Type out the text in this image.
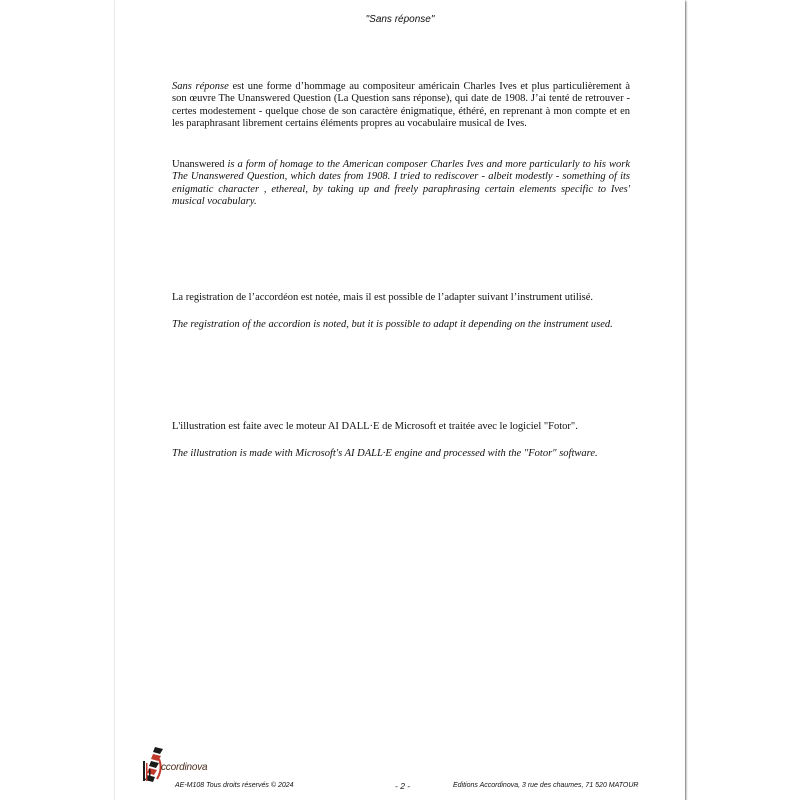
"Sans réponse"

Sans réponse est une forme d’hommage au compositeur américain Charles Ives et plus particulièrement à son œuvre The Unanswered Question (La Question sans réponse), qui date de 1908. J’ai tenté de retrouver - certes modestement - quelque chose de son caractère énigmatique, éthéré, en reprenant à mon compte et en les paraphrasant librement certains éléments propres au vocabulaire musical de Ives.

Unanswered is a form of homage to the American composer Charles Ives and more particularly to his work The Unanswered Question, which dates from 1908. I tried to rediscover - albeit modestly - something of its enigmatic character , ethereal, by taking up and freely paraphrasing certain elements specific to Ives' musical vocabulary.

La registration de l’accordéon est notée, mais il est possible de l’adapter suivant l’instrument utilisé.

The registration of the accordion is noted, but it is possible to adapt it depending on the instrument used.

L'illustration est faite avec le moteur AI DALL·E de Microsoft et traitée avec le logiciel "Fotor".

The illustration is made with Microsoft's AI DALL·E engine and processed with the "Fotor" software.

ccordinova
AE-M108 Tous droits réservés © 2024	- 2 -	Editions Accordinova, 3 rue des chaumes, 71 520 MATOUR
